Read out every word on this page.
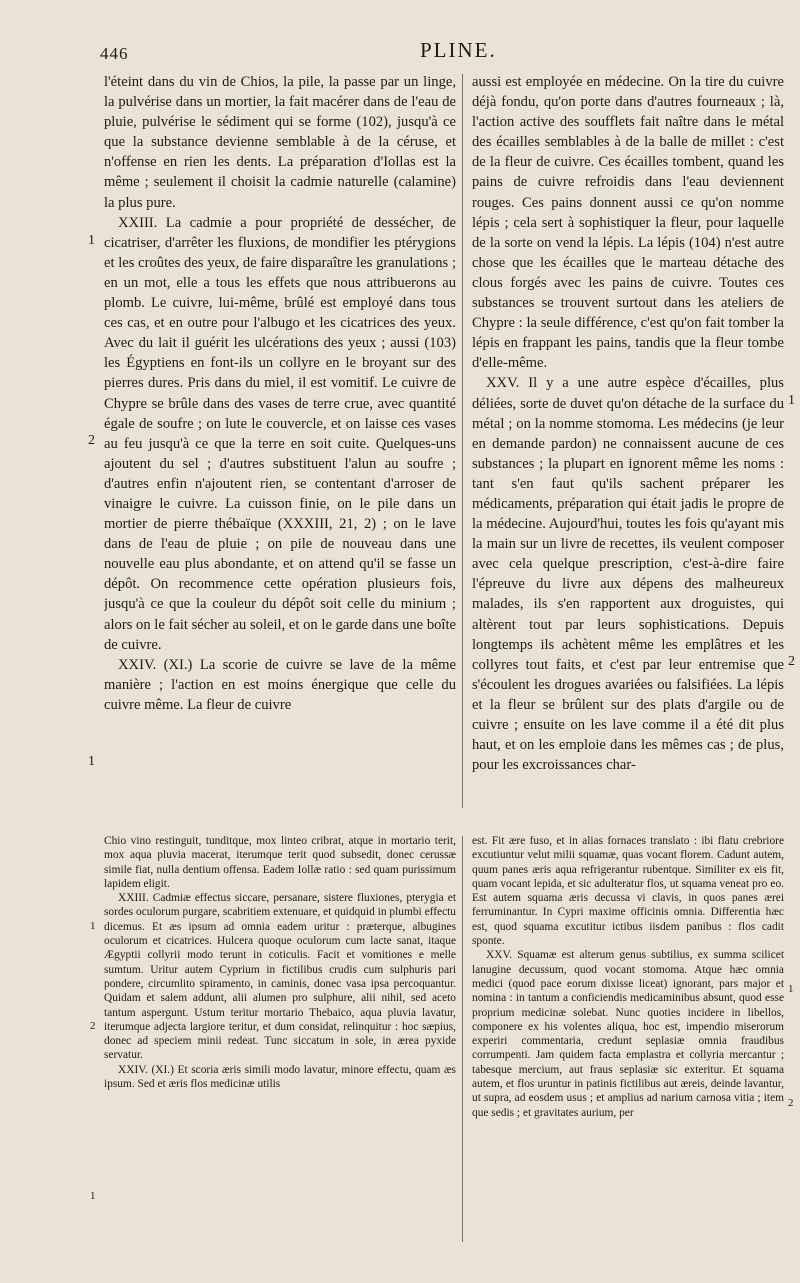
446	PLINE.
1
2
1
1
2
1
2
1
1
2

l'éteint dans du vin de Chios, la pile, la passe par un linge, la pulvérise dans un mortier, la fait macérer dans de l'eau de pluie, pulvérise le sédiment qui se forme (102), jusqu'à ce que la substance devienne semblable à de la céruse, et n'offense en rien les dents. La préparation d'Iollas est la même ; seulement il choisit la cadmie naturelle (calamine) la plus pure.

XXIII. La cadmie a pour propriété de dessécher, de cicatriser, d'arrêter les fluxions, de mondifier les ptérygions et les croûtes des yeux, de faire disparaître les granulations ; en un mot, elle a tous les effets que nous attribuerons au plomb. Le cuivre, lui-même, brûlé est employé dans tous ces cas, et en outre pour l'albugo et les cicatrices des yeux. Avec du lait il guérit les ulcérations des yeux ; aussi (103) les Égyptiens en font-ils un collyre en le broyant sur des pierres dures. Pris dans du miel, il est vomitif. Le cuivre de Chypre se brûle dans des vases de terre crue, avec quantité égale de soufre ; on lute le couvercle, et on laisse ces vases au feu jusqu'à ce que la terre en soit cuite. Quelques-uns ajoutent du sel ; d'autres substituent l'alun au soufre ; d'autres enfin n'ajoutent rien, se contentant d'arroser de vinaigre le cuivre. La cuisson finie, on le pile dans un mortier de pierre thébaïque (XXXIII, 21, 2) ; on le lave dans de l'eau de pluie ; on pile de nouveau dans une nouvelle eau plus abondante, et on attend qu'il se fasse un dépôt. On recommence cette opération plusieurs fois, jusqu'à ce que la couleur du dépôt soit celle du minium ; alors on le fait sécher au soleil, et on le garde dans une boîte de cuivre.

XXIV. (XI.) La scorie de cuivre se lave de la même manière ; l'action en est moins énergique que celle du cuivre même. La fleur de cuivre

aussi est employée en médecine. On la tire du cuivre déjà fondu, qu'on porte dans d'autres fourneaux ; là, l'action active des soufflets fait naître dans le métal des écailles semblables à de la balle de millet : c'est de la fleur de cuivre. Ces écailles tombent, quand les pains de cuivre refroidis dans l'eau deviennent rouges. Ces pains donnent aussi ce qu'on nomme lépis ; cela sert à sophistiquer la fleur, pour laquelle de la sorte on vend la lépis. La lépis (104) n'est autre chose que les écailles que le marteau détache des clous forgés avec les pains de cuivre. Toutes ces substances se trouvent surtout dans les ateliers de Chypre : la seule différence, c'est qu'on fait tomber la lépis en frappant les pains, tandis que la fleur tombe d'elle-même.

XXV. Il y a une autre espèce d'écailles, plus déliées, sorte de duvet qu'on détache de la surface du métal ; on la nomme stomoma. Les médecins (je leur en demande pardon) ne connaissent aucune de ces substances ; la plupart en ignorent même les noms : tant s'en faut qu'ils sachent préparer les médicaments, préparation qui était jadis le propre de la médecine. Aujourd'hui, toutes les fois qu'ayant mis la main sur un livre de recettes, ils veulent composer avec cela quelque prescription, c'est-à-dire faire l'épreuve du livre aux dépens des malheureux malades, ils s'en rapportent aux droguistes, qui altèrent tout par leurs sophistications. Depuis longtemps ils achètent même les emplâtres et les collyres tout faits, et c'est par leur entremise que s'écoulent les drogues avariées ou falsifiées. La lépis et la fleur se brûlent sur des plats d'argile ou de cuivre ; ensuite on les lave comme il a été dit plus haut, et on les emploie dans les mêmes cas ; de plus, pour les excroissances char-

Chio vino restinguit, tunditque, mox linteo cribrat, atque in mortario terit, mox aqua pluvia macerat, iterumque terit quod subsedit, donec cerussæ simile fiat, nulla dentium offensa. Eadem Iollæ ratio : sed quam purissimum lapidem eligit.

XXIII. Cadmiæ effectus siccare, persanare, sistere fluxiones, pterygia et sordes oculorum purgare, scabritiem extenuare, et quidquid in plumbi effectu dicemus. Et æs ipsum ad omnia eadem uritur : præterque, albugines oculorum et cicatrices. Hulcera quoque oculorum cum lacte sanat, itaque Ægyptii collyrii modo terunt in coticulis. Facit et vomitiones e melle sumtum. Uritur autem Cyprium in fictilibus crudis cum sulphuris pari pondere, circumlito spiramento, in caminis, donec vasa ipsa percoquantur. Quidam et salem addunt, alii alumen pro sulphure, alii nihil, sed aceto tantum aspergunt. Ustum teritur mortario Thebaico, aqua pluvia lavatur, iterumque adjecta largiore teritur, et dum considat, relinquitur : hoc sæpius, donec ad speciem minii redeat. Tunc siccatum in sole, in ærea pyxide servatur.

XXIV. (XI.) Et scoria æris simili modo lavatur, minore effectu, quam æs ipsum. Sed et æris flos medicinæ utilis

est. Fit ære fuso, et in alias fornaces translato : ibi flatu crebriore excutiuntur velut milii squamæ, quas vocant florem. Cadunt autem, quum panes æris aqua refrigerantur rubentque. Similiter ex eis fit, quam vocant lepida, et sic adulteratur flos, ut squama veneat pro eo. Est autem squama æris decussa vi clavis, in quos panes ærei ferruminantur. In Cypri maxime officinis omnia. Differentia hæc est, quod squama excutitur ictibus iisdem panibus : flos cadit sponte.

XXV. Squamæ est alterum genus subtilius, ex summa scilicet lanugine decussum, quod vocant stomoma. Atque hæc omnia medici (quod pace eorum dixisse liceat) ignorant, pars major et nomina : in tantum a conficiendis medicaminibus absunt, quod esse proprium medicinæ solebat. Nunc quoties incidere in libellos, componere ex his volentes aliqua, hoc est, impendio miserorum experiri commentaria, credunt seplasiæ omnia fraudibus corrumpenti. Jam quidem facta emplastra et collyria mercantur ; tabesque mercium, aut fraus seplasiæ sic exteritur. Et squama autem, et flos uruntur in patinis fictilibus aut æreis, deinde lavantur, ut supra, ad eosdem usus ; et amplius ad narium carnosa vitia ; item que sedis ; et gravitates aurium, per
